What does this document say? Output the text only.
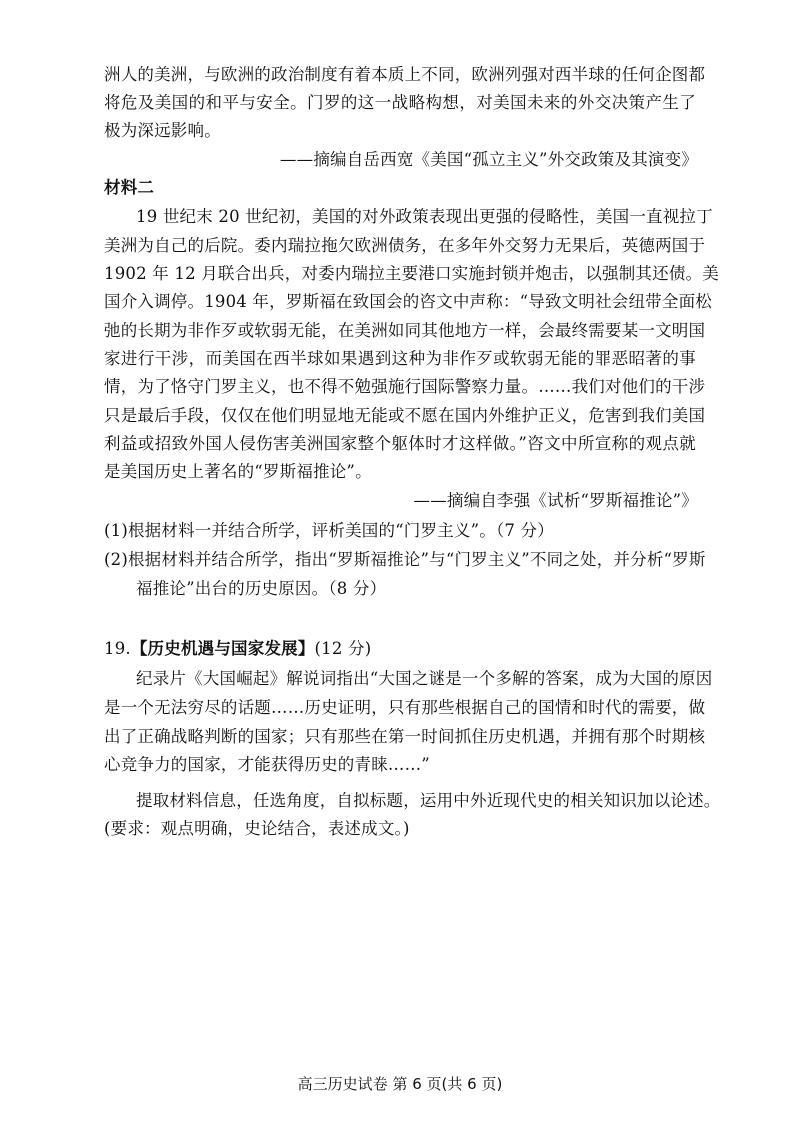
洲人的美洲，与欧洲的政治制度有着本质上不同，欧洲列强对西半球的任何企图都
将危及美国的和平与安全。门罗的这一战略构想，对美国未来的外交决策产生了
极为深远影响。
——摘编自岳西宽《美国“孤立主义”外交政策及其演变》
材料二
19 世纪末 20 世纪初，美国的对外政策表现出更强的侵略性，美国一直视拉丁
美洲为自己的后院。委内瑞拉拖欠欧洲债务，在多年外交努力无果后，英德两国于
1902 年 12 月联合出兵，对委内瑞拉主要港口实施封锁并炮击，以强制其还债。美
国介入调停。1904 年，罗斯福在致国会的咨文中声称：“导致文明社会纽带全面松
弛的长期为非作歹或软弱无能，在美洲如同其他地方一样，会最终需要某一文明国
家进行干涉，而美国在西半球如果遇到这种为非作歹或软弱无能的罪恶昭著的事
情，为了恪守门罗主义，也不得不勉强施行国际警察力量。……我们对他们的干涉
只是最后手段，仅仅在他们明显地无能或不愿在国内外维护正义，危害到我们美国
利益或招致外国人侵伤害美洲国家整个躯体时才这样做。”咨文中所宣称的观点就
是美国历史上著名的“罗斯福推论”。
——摘编自李强《试析“罗斯福推论”》
(1)根据材料一并结合所学，评析美国的“门罗主义”。（7 分）
(2)根据材料并结合所学，指出“罗斯福推论”与“门罗主义”不同之处，并分析“罗斯
福推论”出台的历史原因。（8 分）
19.【历史机遇与国家发展】(12 分)
纪录片《大国崛起》解说词指出“大国之谜是一个多解的答案，成为大国的原因
是一个无法穷尽的话题……历史证明，只有那些根据自己的国情和时代的需要，做
出了正确战略判断的国家；只有那些在第一时间抓住历史机遇，并拥有那个时期核
心竞争力的国家，才能获得历史的青睐……”
提取材料信息，任选角度，自拟标题，运用中外近现代史的相关知识加以论述。
(要求：观点明确，史论结合，表述成文。)
高三历史试卷 第 6 页(共 6 页)
